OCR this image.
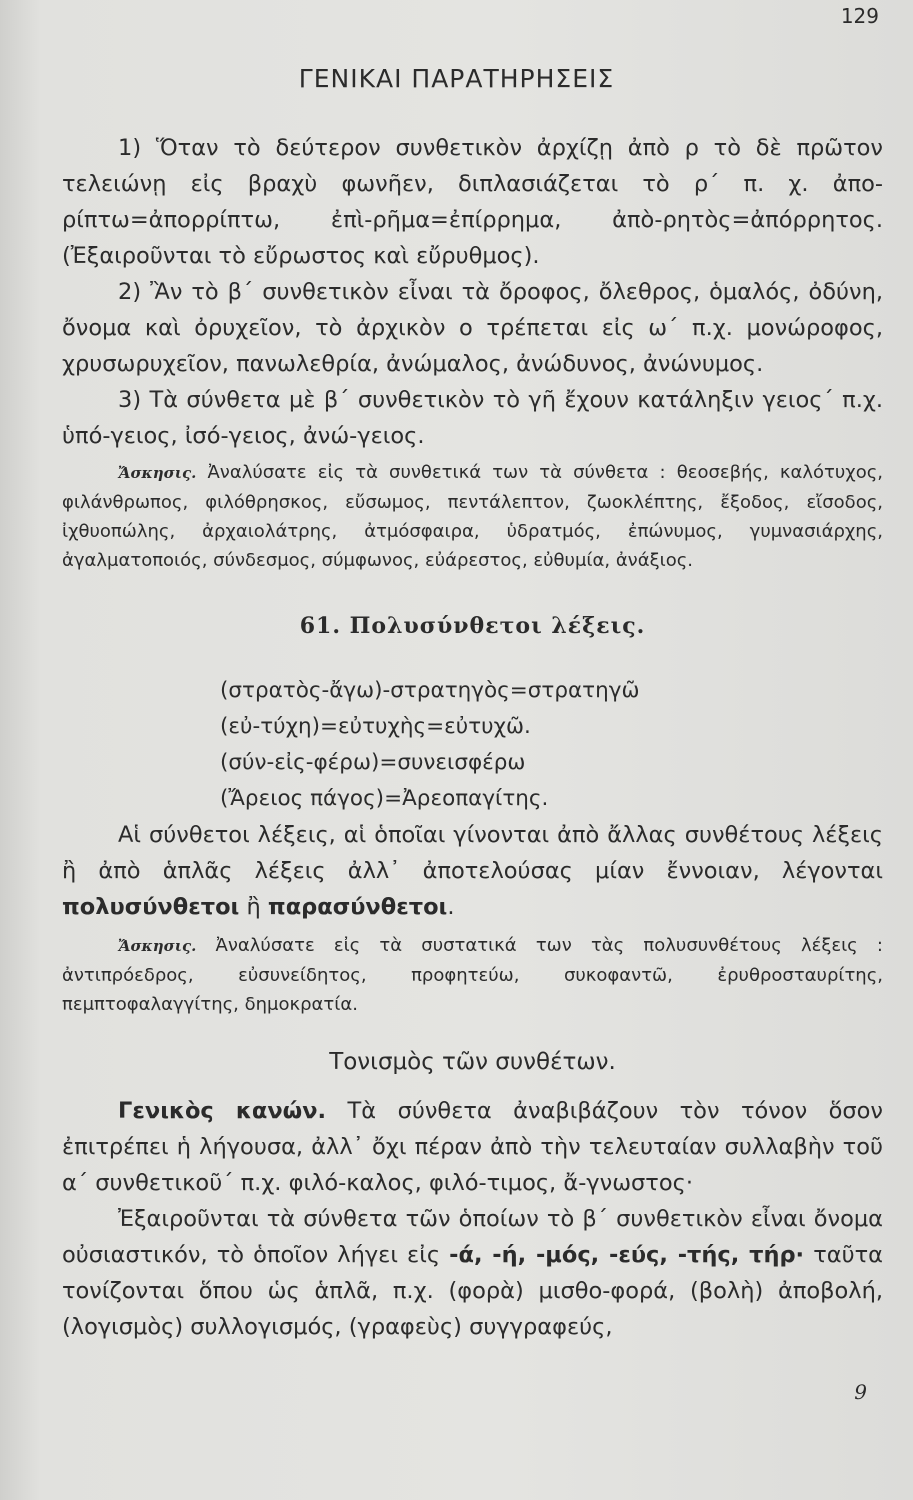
129
ΓΕΝΙΚΑΙ ΠΑΡΑΤΗΡΗΣΕΙΣ

1) Ὅταν τὸ δεύτερον συνθετικὸν ἀρχίζῃ ἀπὸ ρ τὸ δὲ πρῶτον τελειώνῃ εἰς βραχὺ φωνῆεν, διπλασιάζεται τὸ ρ΄ π. χ. ἀπο-ρίπτω=ἀπορρίπτω, ἐπὶ-ρῆμα=ἐπίρρημα, ἀπὸ-ρητὸς=ἀπόρρητος. (Ἐξαιροῦνται τὸ εὔρωστος καὶ εὔρυθμος).

2) Ἂν τὸ β΄ συνθετικὸν εἶναι τὰ ὄροφος, ὄλεθρος, ὁμαλός, ὀδύνη, ὄνομα καὶ ὀρυχεῖον, τὸ ἀρχικὸν ο τρέπεται εἰς ω΄ π.χ. μονώροφος, χρυσωρυχεῖον, πανωλεθρία, ἀνώμαλος, ἀνώδυνος, ἀνώνυμος.

3) Τὰ σύνθετα μὲ β΄ συνθετικὸν τὸ γῆ ἔχουν κατάληξιν γειος΄ π.χ. ὑπό-γειος, ἰσό-γειος, ἀνώ-γειος.

Ἄσκησις. Ἀναλύσατε εἰς τὰ συνθετικά των τὰ σύνθετα : θεοσεβής, καλότυχος, φιλάνθρωπος, φιλόθρησκος, εὔσωμος, πεντάλεπτον, ζωοκλέπτης, ἔξοδος, εἴσοδος, ἰχθυοπώλης, ἀρχαιολάτρης, ἀτμόσφαιρα, ὑδρατμός, ἐπώνυμος, γυμνασιάρχης, ἀγαλματοποιός, σύνδεσμος, σύμφωνος, εὐάρεστος, εὐθυμία, ἀνάξιος.

61. Πολυσύνθετοι λέξεις.
(στρατὸς-ἄγω)-στρατηγὸς=στρατηγῶ
(εὐ-τύχη)=εὐτυχὴς=εὐτυχῶ.
(σύν-εἰς-φέρω)=συνεισφέρω
(Ἄρειος πάγος)=Ἀρεοπαγίτης.

Αἱ σύνθετοι λέξεις, αἱ ὁποῖαι γίνονται ἀπὸ ἄλλας συνθέτους λέξεις ἢ ἀπὸ ἁπλᾶς λέξεις ἀλλ᾽ ἀποτελούσας μίαν ἔννοιαν, λέγονται πολυσύνθετοι ἢ παρασύνθετοι.

Ἄσκησις. Ἀναλύσατε εἰς τὰ συστατικά των τὰς πολυσυνθέτους λέξεις : ἀντιπρόεδρος, εὐσυνείδητος, προφητεύω, συκοφαντῶ, ἐρυθροσταυρίτης, πεμπτοφαλαγγίτης, δημοκρατία.

Τονισμὸς τῶν συνθέτων.

Γενικὸς κανών. Τὰ σύνθετα ἀναβιβάζουν τὸν τόνον ὅσον ἐπιτρέπει ἡ λήγουσα, ἀλλ᾽ ὄχι πέραν ἀπὸ τὴν τελευταίαν συλλαβὴν τοῦ α΄ συνθετικοῦ΄ π.χ. φιλό-καλος, φιλό-τιμος, ἄ-γνωστος·

Ἐξαιροῦνται τὰ σύνθετα τῶν ὁποίων τὸ β΄ συνθετικὸν εἶναι ὄνομα οὐσιαστικόν, τὸ ὁποῖον λήγει εἰς -ά, -ή, -μός, -εύς, -τής, τήρ· ταῦτα τονίζονται ὅπου ὡς ἁπλᾶ, π.χ. (φορὰ) μισθο-φορά, (βολὴ) ἀποβολή, (λογισμὸς) συλλογισμός, (γραφεὺς) συγγραφεύς,

9
